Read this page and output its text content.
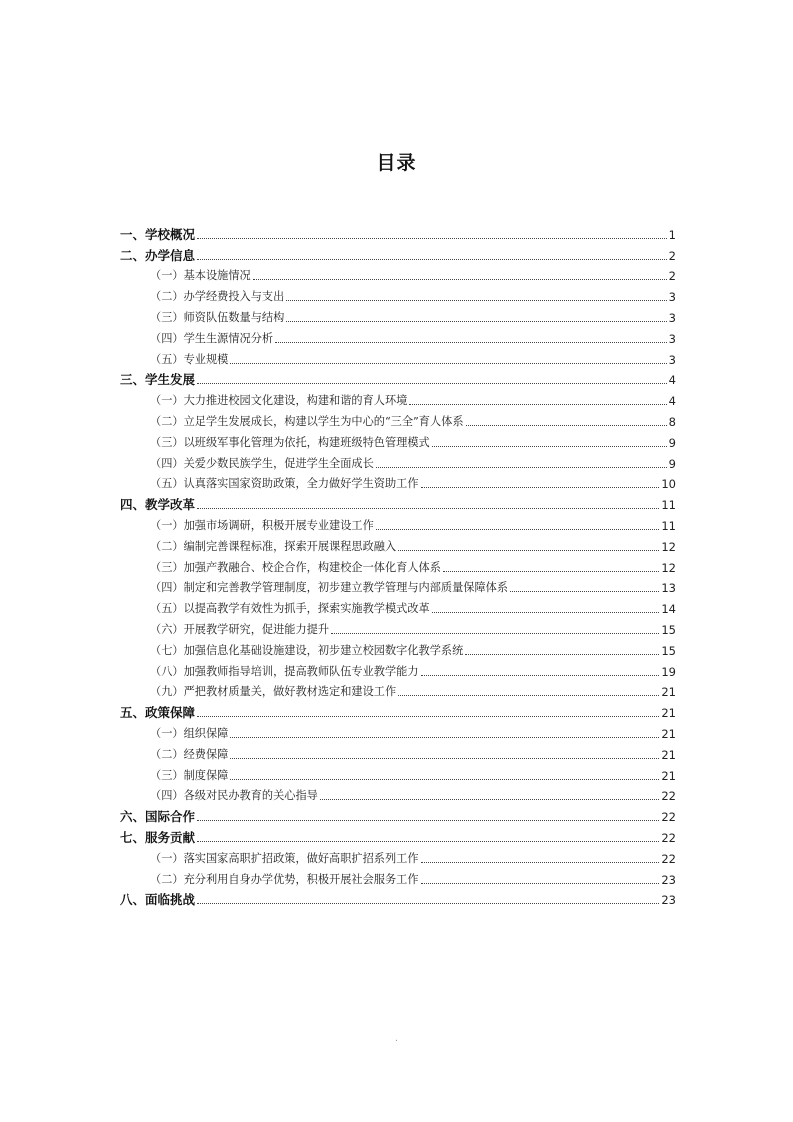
目录
一、学校概况	1
二、办学信息	2
（一）基本设施情况	2
（二）办学经费投入与支出	3
（三）师资队伍数量与结构	3
（四）学生生源情况分析	3
（五）专业规模	3
三、学生发展	4
（一）大力推进校园文化建设，构建和谐的育人环境	4
（二）立足学生发展成长，构建以学生为中心的“三全”育人体系	8
（三）以班级军事化管理为依托，构建班级特色管理模式	9
（四）关爱少数民族学生，促进学生全面成长	9
（五）认真落实国家资助政策，全力做好学生资助工作	10
四、教学改革	11
（一）加强市场调研，积极开展专业建设工作	11
（二）编制完善课程标准，探索开展课程思政融入	12
（三）加强产教融合、校企合作，构建校企一体化育人体系	12
（四）制定和完善教学管理制度，初步建立教学管理与内部质量保障体系	13
（五）以提高教学有效性为抓手，探索实施教学模式改革	14
（六）开展教学研究，促进能力提升	15
（七）加强信息化基础设施建设，初步建立校园数字化教学系统	15
（八）加强教师指导培训，提高教师队伍专业教学能力	19
（九）严把教材质量关，做好教材选定和建设工作	21
五、政策保障	21
（一）组织保障	21
（二）经费保障	21
（三）制度保障	21
（四）各级对民办教育的关心指导	22
六、国际合作	22
七、服务贡献	22
（一）落实国家高职扩招政策，做好高职扩招系列工作	22
（二）充分利用自身办学优势，积极开展社会服务工作	23
八、面临挑战	23
·
